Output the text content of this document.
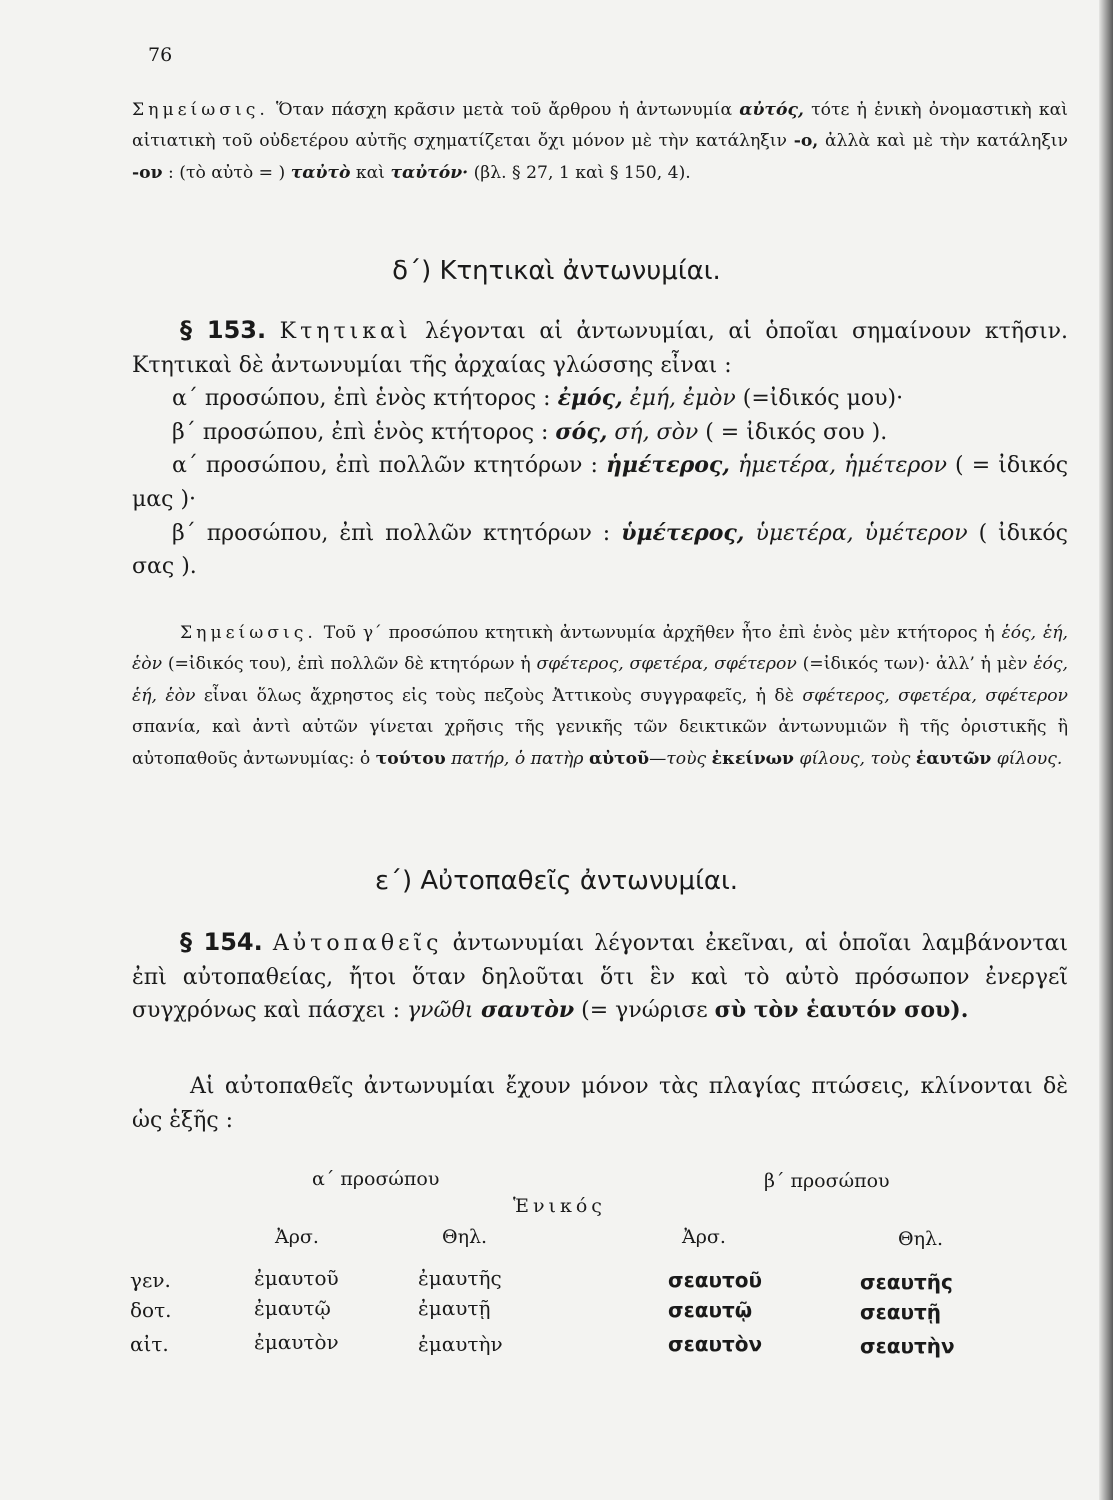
76

Σημείωσις. Ὅταν πάσχη κρᾶσιν μετὰ τοῦ ἄρθρου ἡ ἀντωνυμία αὐτός, τότε ἡ ἑνικὴ ὀνομαστικὴ καὶ αἰτιατικὴ τοῦ οὐδετέρου αὐτῆς σχηματίζεται ὄχι μόνον μὲ τὴν κατάληξιν -ο, ἀλλὰ καὶ μὲ τὴν κατάληξιν -ον : (τὸ αὐτὸ = ) ταὐτὸ καὶ ταὐτόν· (βλ. § 27, 1 καὶ § 150, 4).

δ΄) Κτητικαὶ ἀντωνυμίαι.
§ 153. Κτητικαὶ λέγονται αἱ ἀντωνυμίαι, αἱ ὁποῖαι σημαίνουν κτῆσιν. Κτητικαὶ δὲ ἀντωνυμίαι τῆς ἀρχαίας γλώσσης εἶναι :
α΄ προσώπου, ἐπὶ ἑνὸς κτήτορος : ἐμός, ἐμή, ἐμὸν (=ἰδικός μου)·
β΄ προσώπου, ἐπὶ ἑνὸς κτήτορος : σός, σή, σὸν ( = ἰδικός σου ).
α΄ προσώπου, ἐπὶ πολλῶν κτητόρων : ἡμέτερος, ἡμετέρα, ἡμέτερον ( = ἰδικός μας )·
β΄ προσώπου, ἐπὶ πολλῶν κτητόρων : ὑμέτερος, ὑμετέρα, ὑμέτερον ( ἰδικός σας ).

Σημείωσις. Τοῦ γ΄ προσώπου κτητικὴ ἀντωνυμία ἀρχῆθεν ἦτο ἐπὶ ἑνὸς μὲν κτήτορος ἡ ἑός, ἑή, ἑὸν (=ἰδικός του), ἐπὶ πολλῶν δὲ κτητόρων ἡ σφέτερος, σφετέρα, σφέτερον (=ἰδικός των)· ἀλλ’ ἡ μὲν ἑός, ἑή, ἑὸν εἶναι ὅλως ἄχρηστος εἰς τοὺς πεζοὺς Ἀττικοὺς συγγραφεῖς, ἡ δὲ σφέτερος, σφετέρα, σφέτερον σπανία, καὶ ἀντὶ αὐτῶν γίνεται χρῆσις τῆς γενικῆς τῶν δεικτικῶν ἀντωνυμιῶν ἢ τῆς ὀριστικῆς ἢ αὐτοπαθοῦς ἀντωνυμίας: ὁ τούτου πατήρ, ὁ πατὴρ αὐτοῦ—τοὺς ἐκείνων φίλους, τοὺς ἑαυτῶν φίλους.

ε΄) Αὐτοπαθεῖς ἀντωνυμίαι.
§ 154. Αὐτοπαθεῖς ἀντωνυμίαι λέγονται ἐκεῖναι, αἱ ὁποῖαι λαμβάνονται ἐπὶ αὐτοπαθείας, ἤτοι ὅταν δηλοῦται ὅτι ἓν καὶ τὸ αὐτὸ πρόσωπον ἐνεργεῖ συγχρόνως καὶ πάσχει : γνῶθι σαυτὸν (= γνώρισε σὺ τὸν ἑαυτόν σου).
Αἱ αὐτοπαθεῖς ἀντωνυμίαι ἔχουν μόνον τὰς πλαγίας πτώσεις, κλίνονται δὲ ὡς ἑξῆς :
α΄ προσώπου	β΄ προσώπου
Ἑνικός
Ἀρσ.	Θηλ.	Ἀρσ.	Θηλ.
γεν.	ἐμαυτοῦ	ἐμαυτῆς	σεαυτοῦ	σεαυτῆς
δοτ.	ἐμαυτῷ	ἐμαυτῇ	σεαυτῷ	σεαυτῇ
αἰτ.	ἐμαυτὸν	ἐμαυτὴν	σεαυτὸν	σεαυτὴν
